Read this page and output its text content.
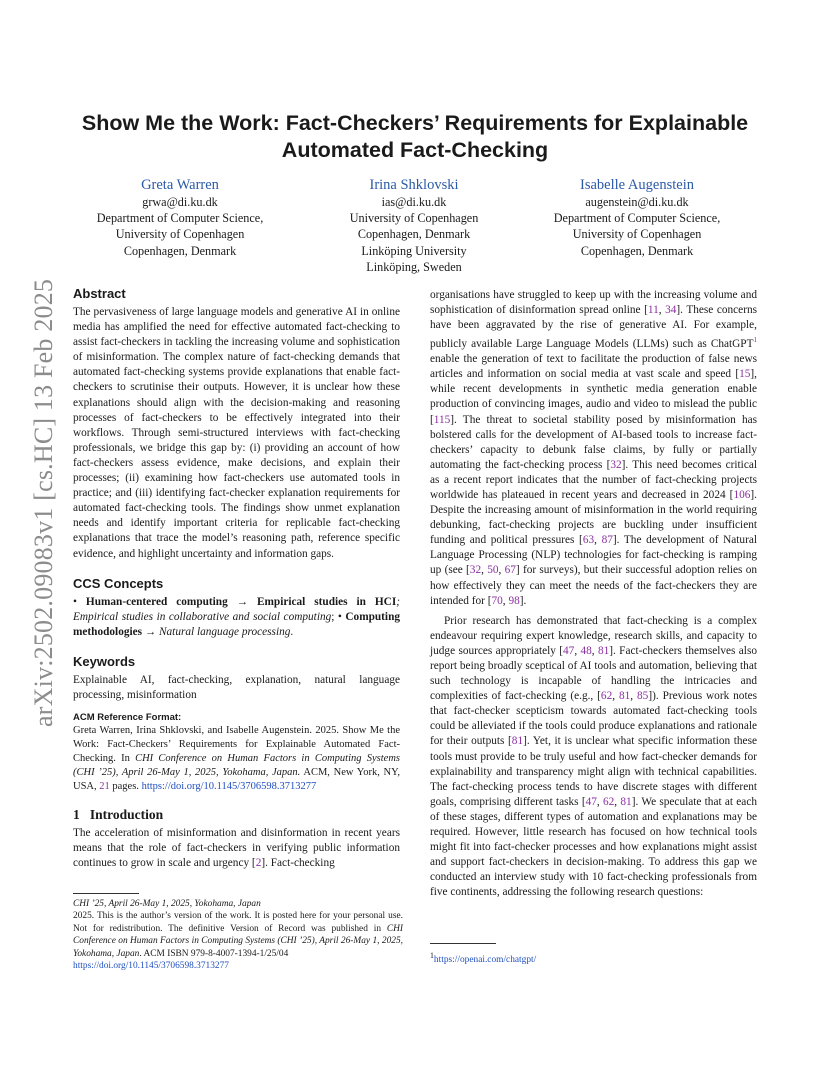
arXiv:2502.09083v1 [cs.HC] 13 Feb 2025
Show Me the Work: Fact-Checkers’ Requirements for Explainable Automated Fact-Checking
Greta Warren
grwa@di.ku.dk
Department of Computer Science,
University of Copenhagen
Copenhagen, Denmark
Irina Shklovski
ias@di.ku.dk
University of Copenhagen
Copenhagen, Denmark
Linköping University
Linköping, Sweden
Isabelle Augenstein
augenstein@di.ku.dk
Department of Computer Science,
University of Copenhagen
Copenhagen, Denmark
Abstract

The pervasiveness of large language models and generative AI in online media has amplified the need for effective automated fact-checking to assist fact-checkers in tackling the increasing volume and sophistication of misinformation. The complex nature of fact-checking demands that automated fact-checking systems provide explanations that enable fact-checkers to scrutinise their outputs. However, it is unclear how these explanations should align with the decision-making and reasoning processes of fact-checkers to be effectively integrated into their workflows. Through semi-structured interviews with fact-checking professionals, we bridge this gap by: (i) providing an account of how fact-checkers assess evidence, make decisions, and explain their processes; (ii) examining how fact-checkers use automated tools in practice; and (iii) identifying fact-checker explanation requirements for automated fact-checking tools. The findings show unmet explanation needs and identify important criteria for replicable fact-checking explanations that trace the model’s reasoning path, reference specific evidence, and highlight uncertainty and information gaps.

CCS Concepts

• Human-centered computing → Empirical studies in HCI; Empirical studies in collaborative and social computing; • Computing methodologies → Natural language processing.

Keywords

Explainable AI, fact-checking, explanation, natural language processing, misinformation

ACM Reference Format:

Greta Warren, Irina Shklovski, and Isabelle Augenstein. 2025. Show Me the Work: Fact-Checkers’ Requirements for Explainable Automated Fact-Checking. In CHI Conference on Human Factors in Computing Systems (CHI ’25), April 26-May 1, 2025, Yokohama, Japan. ACM, New York, NY, USA, 21 pages. https://doi.org/10.1145/3706598.3713277

1 Introduction

The acceleration of misinformation and disinformation in recent years means that the role of fact-checkers in verifying public information continues to grow in scale and urgency [2]. Fact-checking

organisations have struggled to keep up with the increasing volume and sophistication of disinformation spread online [11, 34]. These concerns have been aggravated by the rise of generative AI. For example, publicly available Large Language Models (LLMs) such as ChatGPT$^1$ enable the generation of text to facilitate the production of false news articles and information on social media at vast scale and speed [15], while recent developments in synthetic media generation enable production of convincing images, audio and video to mislead the public [115]. The threat to societal stability posed by misinformation has bolstered calls for the development of AI-based tools to increase fact-checkers’ capacity to debunk false claims, by fully or partially automating the fact-checking process [32]. This need becomes critical as a recent report indicates that the number of fact-checking projects worldwide has plateaued in recent years and decreased in 2024 [106]. Despite the increasing amount of misinformation in the world requiring debunking, fact-checking projects are buckling under insufficient funding and political pressures [63, 87]. The development of Natural Language Processing (NLP) technologies for fact-checking is ramping up (see [32, 50, 67] for surveys), but their successful adoption relies on how effectively they can meet the needs of the fact-checkers they are intended for [70, 98].

Prior research has demonstrated that fact-checking is a complex endeavour requiring expert knowledge, research skills, and capacity to judge sources appropriately [47, 48, 81]. Fact-checkers themselves also report being broadly sceptical of AI tools and automation, believing that such technology is incapable of handling the intricacies and complexities of fact-checking (e.g., [62, 81, 85]). Previous work notes that fact-checker scepticism towards automated fact-checking tools could be alleviated if the tools could produce explanations and rationale for their outputs [81]. Yet, it is unclear what specific information these tools must provide to be truly useful and how fact-checker demands for explainability and transparency might align with technical capabilities. The fact-checking process tends to have discrete stages with different goals, comprising different tasks [47, 62, 81]. We speculate that at each of these stages, different types of automation and explanations may be required. However, little research has focused on how technical tools might fit into fact-checker processes and how explanations might assist and support fact-checkers in decision-making. To address this gap we conducted an interview study with 10 fact-checking professionals from five continents, addressing the following research questions:

CHI ’25, April 26-May 1, 2025, Yokohama, Japan
2025. This is the author’s version of the work. It is posted here for your personal use. Not for redistribution. The definitive Version of Record was published in CHI Conference on Human Factors in Computing Systems (CHI ’25), April 26-May 1, 2025, Yokohama, Japan. ACM ISBN 979-8-4007-1394-1/25/04
https://doi.org/10.1145/3706598.3713277
$^1$https://openai.com/chatgpt/
